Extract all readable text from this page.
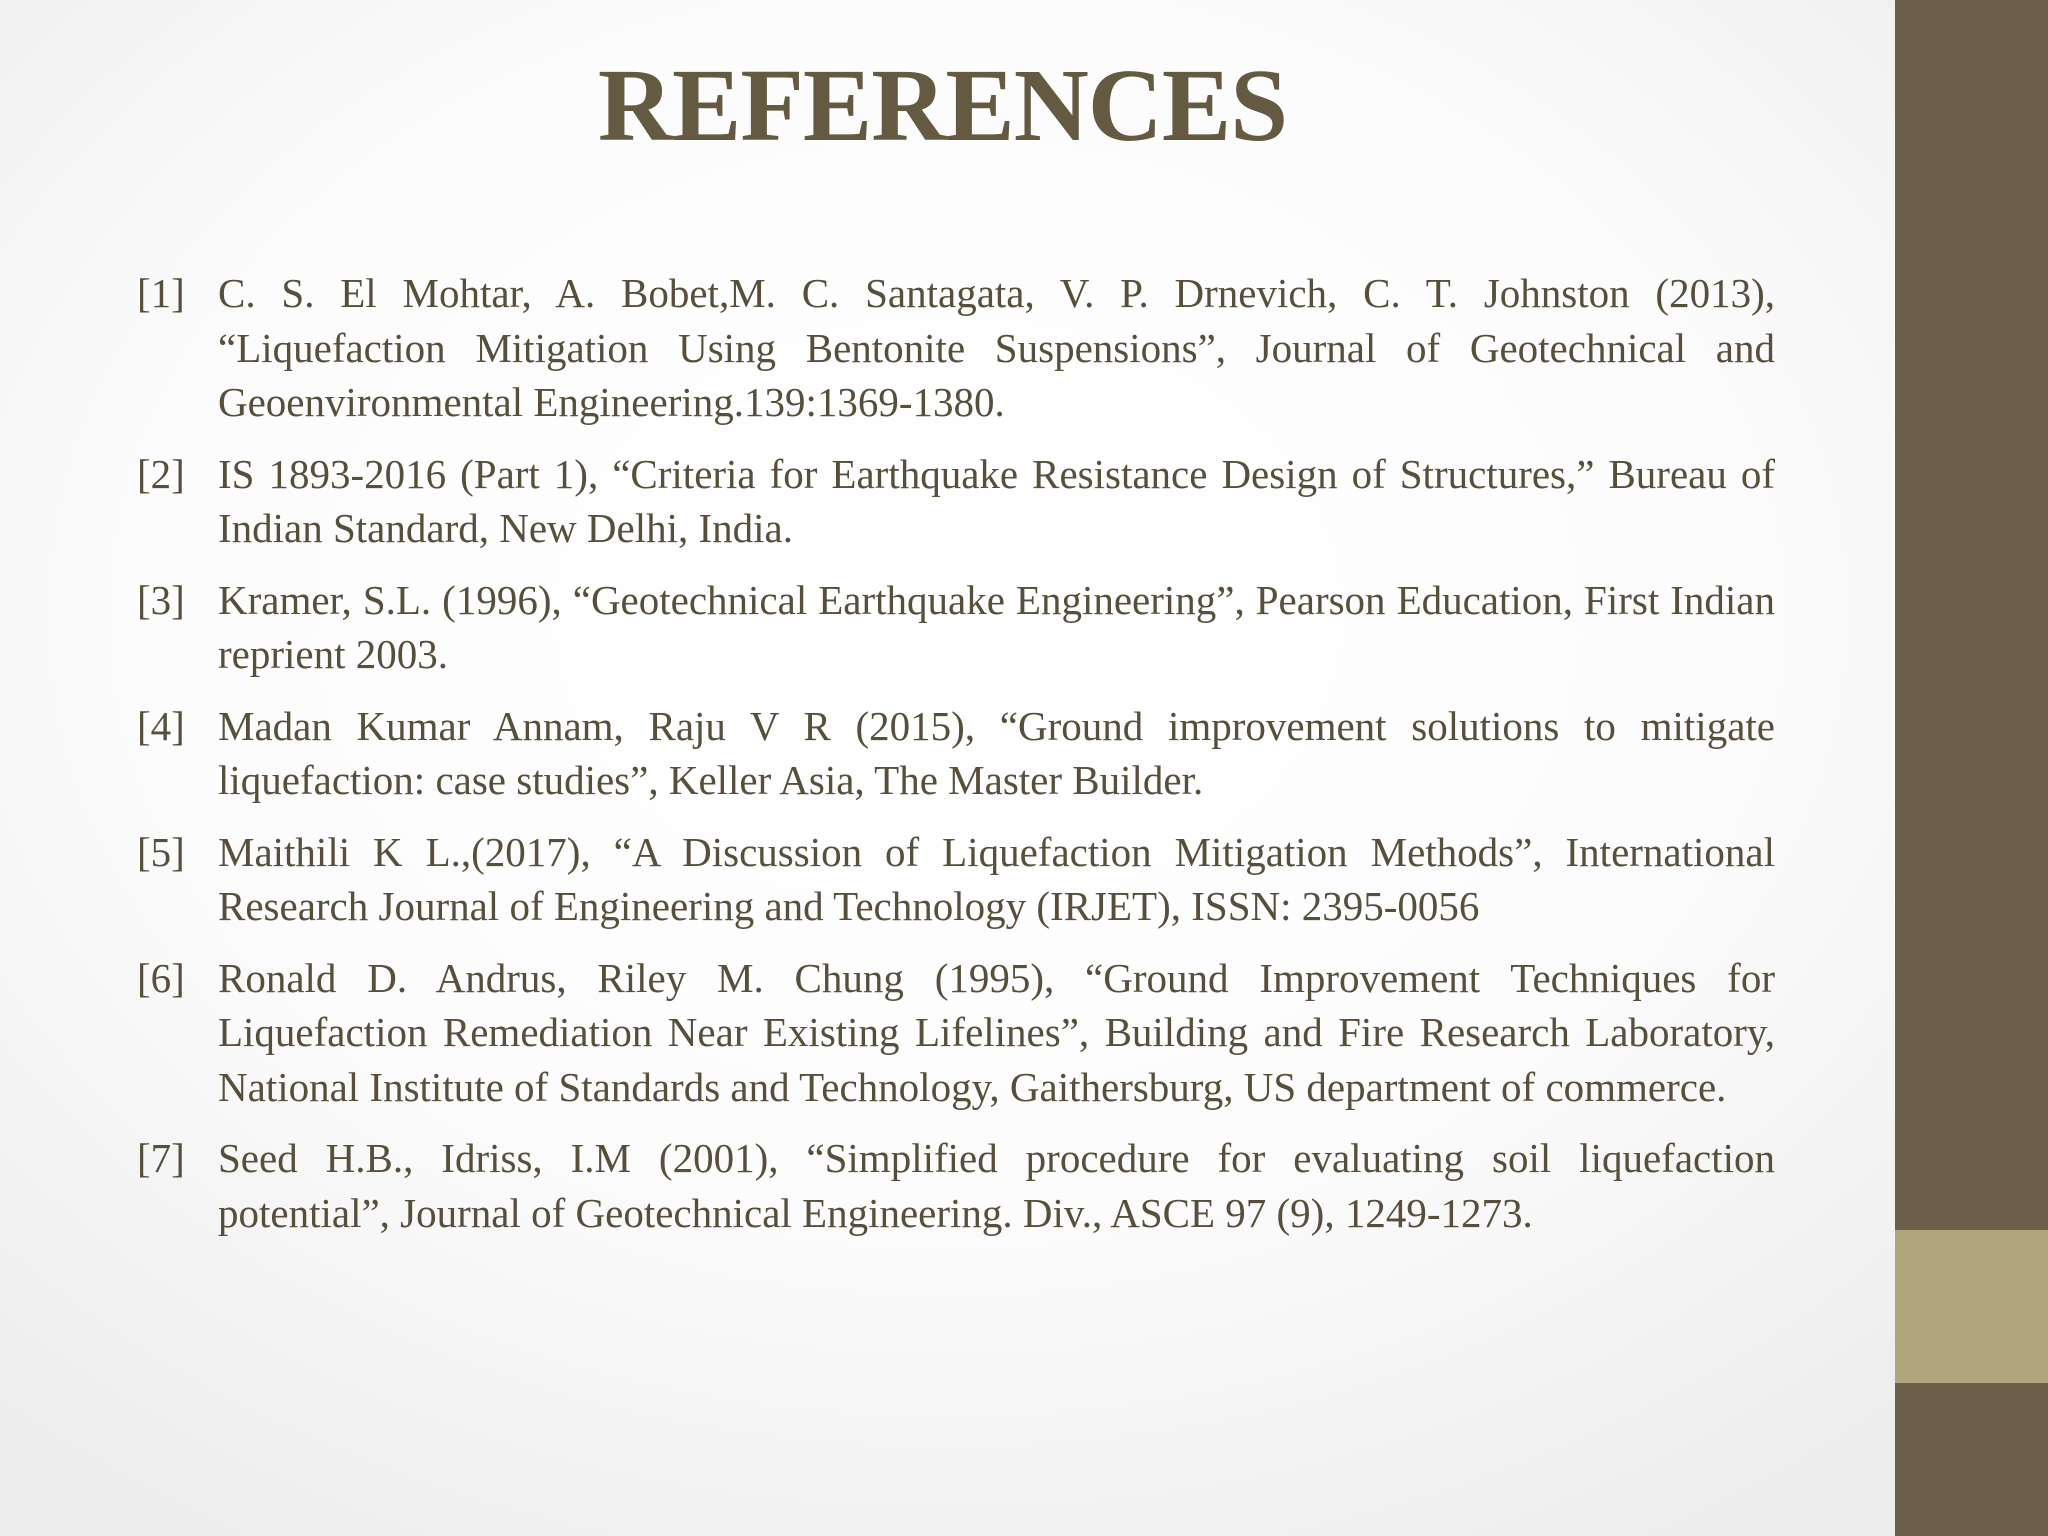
REFERENCES
[1] C. S. El Mohtar, A. Bobet,M. C. Santagata, V. P. Drnevich, C. T. Johnston (2013), “Liquefaction Mitigation Using Bentonite Suspensions”, Journal of Geotechnical and Geoenvironmental Engineering.139:1369-1380.
[2] IS 1893-2016 (Part 1), “Criteria for Earthquake Resistance Design of Structures,” Bureau of Indian Standard, New Delhi, India.
[3] Kramer, S.L. (1996), “Geotechnical Earthquake Engineering”, Pearson Education, First Indian reprient 2003.
[4] Madan Kumar Annam, Raju V R (2015), “Ground improvement solutions to mitigate liquefaction: case studies”, Keller Asia, The Master Builder.
[5] Maithili K L.,(2017), “A Discussion of Liquefaction Mitigation Methods”, International Research Journal of Engineering and Technology (IRJET), ISSN: 2395-0056
[6] Ronald D. Andrus, Riley M. Chung (1995), “Ground Improvement Techniques for Liquefaction Remediation Near Existing Lifelines”, Building and Fire Research Laboratory, National Institute of Standards and Technology, Gaithersburg, US department of commerce.
[7] Seed H.B., Idriss, I.M (2001), “Simplified procedure for evaluating soil liquefaction potential”, Journal of Geotechnical Engineering. Div., ASCE 97 (9), 1249-1273.
